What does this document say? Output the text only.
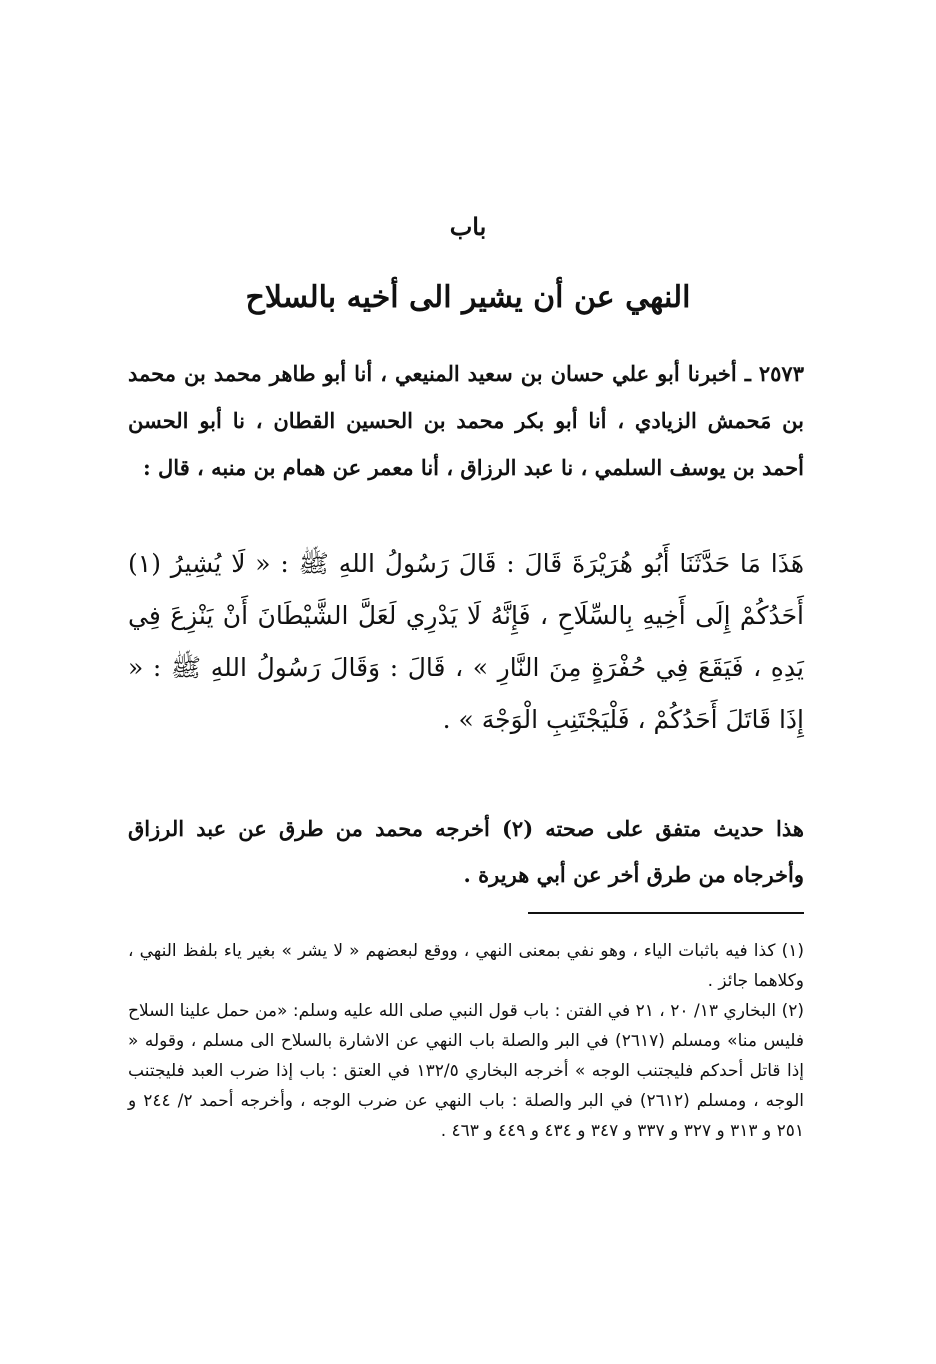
باب
النهي عن أن يشير الى أخيه بالسلاح
٢٥٧٣ ـ أخبرنا أبو علي حسان بن سعيد المنيعي ، أنا أبو طاهر محمد بن محمد بن مَحمش الزيادي ، أنا أبو بكر محمد بن الحسين القطان ، نا أبو الحسن أحمد بن يوسف السلمي ، نا عبد الرزاق ، أنا معمر عن همام بن منبه ، قال :
هَذَا مَا حَدَّثَنَا أَبُو هُرَيْرَةَ قَالَ : قَالَ رَسُولُ اللهِ ﷺ : « لَا يُشِيرُ (١) أَحَدُكُمْ إِلَى أَخِيهِ بِالسِّلَاحِ ، فَإِنَّهُ لَا يَدْرِي لَعَلَّ الشَّيْطَانَ أَنْ يَنْزِعَ فِي يَدِهِ ، فَيَقَعَ فِي حُفْرَةٍ مِنَ النَّارِ » ، قَالَ : وَقَالَ رَسُولُ اللهِ ﷺ : « إِذَا قَاتَلَ أَحَدُكُمْ ، فَلْيَجْتَنِبِ الْوَجْهَ » .
هذا حديث متفق على صحته (٢) أخرجه محمد من طرق عن عبد الرزاق وأخرجاه من طرق أخر عن أبي هريرة .

(١) كذا فيه باثبات الياء ، وهو نفي بمعنى النهي ، ووقع لبعضهم « لا يشر » بغير ياء بلفظ النهي ، وكلاهما جائز .

(٢) البخاري ١٣/ ٢٠ ، ٢١ في الفتن : باب قول النبي صلى الله عليه وسلم: «من حمل علينا السلاح فليس منا» ومسلم (٢٦١٧) في البر والصلة باب النهي عن الاشارة بالسلاح الى مسلم ، وقوله « إذا قاتل أحدكم فليجتنب الوجه » أخرجه البخاري ١٣٢/٥ في العتق : باب إذا ضرب العبد فليجتنب الوجه ، ومسلم (٢٦١٢) في البر والصلة : باب النهي عن ضرب الوجه ، وأخرجه أحمد ٢/ ٢٤٤ و ٢٥١ و ٣١٣ و ٣٢٧ و ٣٣٧ و ٣٤٧ و ٤٣٤ و ٤٤٩ و ٤٦٣ .
